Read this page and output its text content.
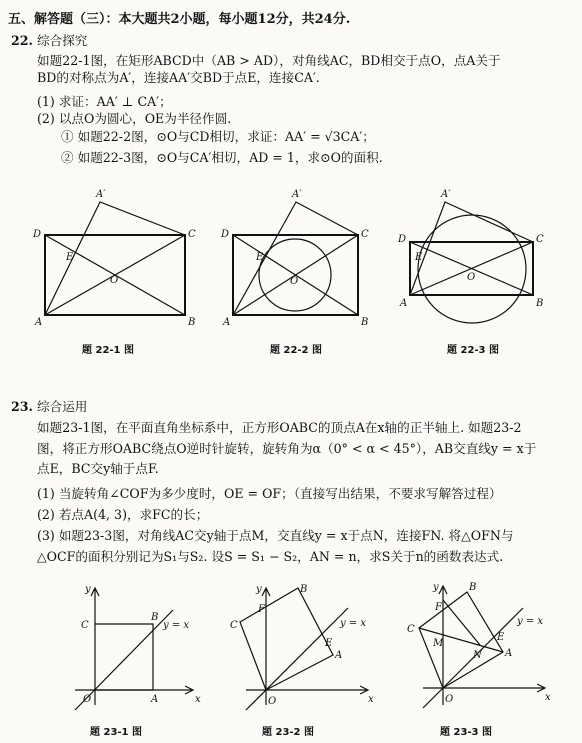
五、解答题（三）：本大题共2小题，每小题12分，共24分.
22. 综合探究
如题22-1图，在矩形ABCD中（AB > AD），对角线AC，BD相交于点O，点A关于
BD的对称点为A′，连接AA′交BD于点E，连接CA′.
(1) 求证：AA′ ⊥ CA′；
(2) 以点O为圆心，OE为半径作圆.
① 如题22-2图，⊙O与CD相切，求证：AA′ = √3CA′；
② 如题22-3图，⊙O与CA′相切，AD = 1，求⊙O的面积.
A′
D	C
E
O
A	B
题 22-1 图
A′
D	C
E
O
A	B
题 22-2 图
A′
D	C
E
O
A	B
题 22-3 图
23. 综合运用
如题23-1图，在平面直角坐标系中，正方形OABC的顶点A在x轴的正半轴上. 如题23-2
图，将正方形OABC绕点O逆时针旋转，旋转角为α（0° < α < 45°），AB交直线y = x于
点E，BC交y轴于点F.
(1) 当旋转角∠COF为多少度时，OE = OF；（直接写出结果，不要求写解答过程）
(2) 若点A(4, 3)，求FC的长；
(3) 如题23-3图，对角线AC交y轴于点M，交直线y = x于点N，连接FN. 将△OFN与
△OCF的面积分别记为S₁与S₂. 设S = S₁ − S₂，AN = n，求S关于n的函数表达式.
y
x
O	A
B
C	y = x
题 23-1 图
y
x
O
A
B
C
E
F
y = x
题 23-2 图
y
x
O
A
B
C
E
F
M
N
y = x
题 23-3 图
